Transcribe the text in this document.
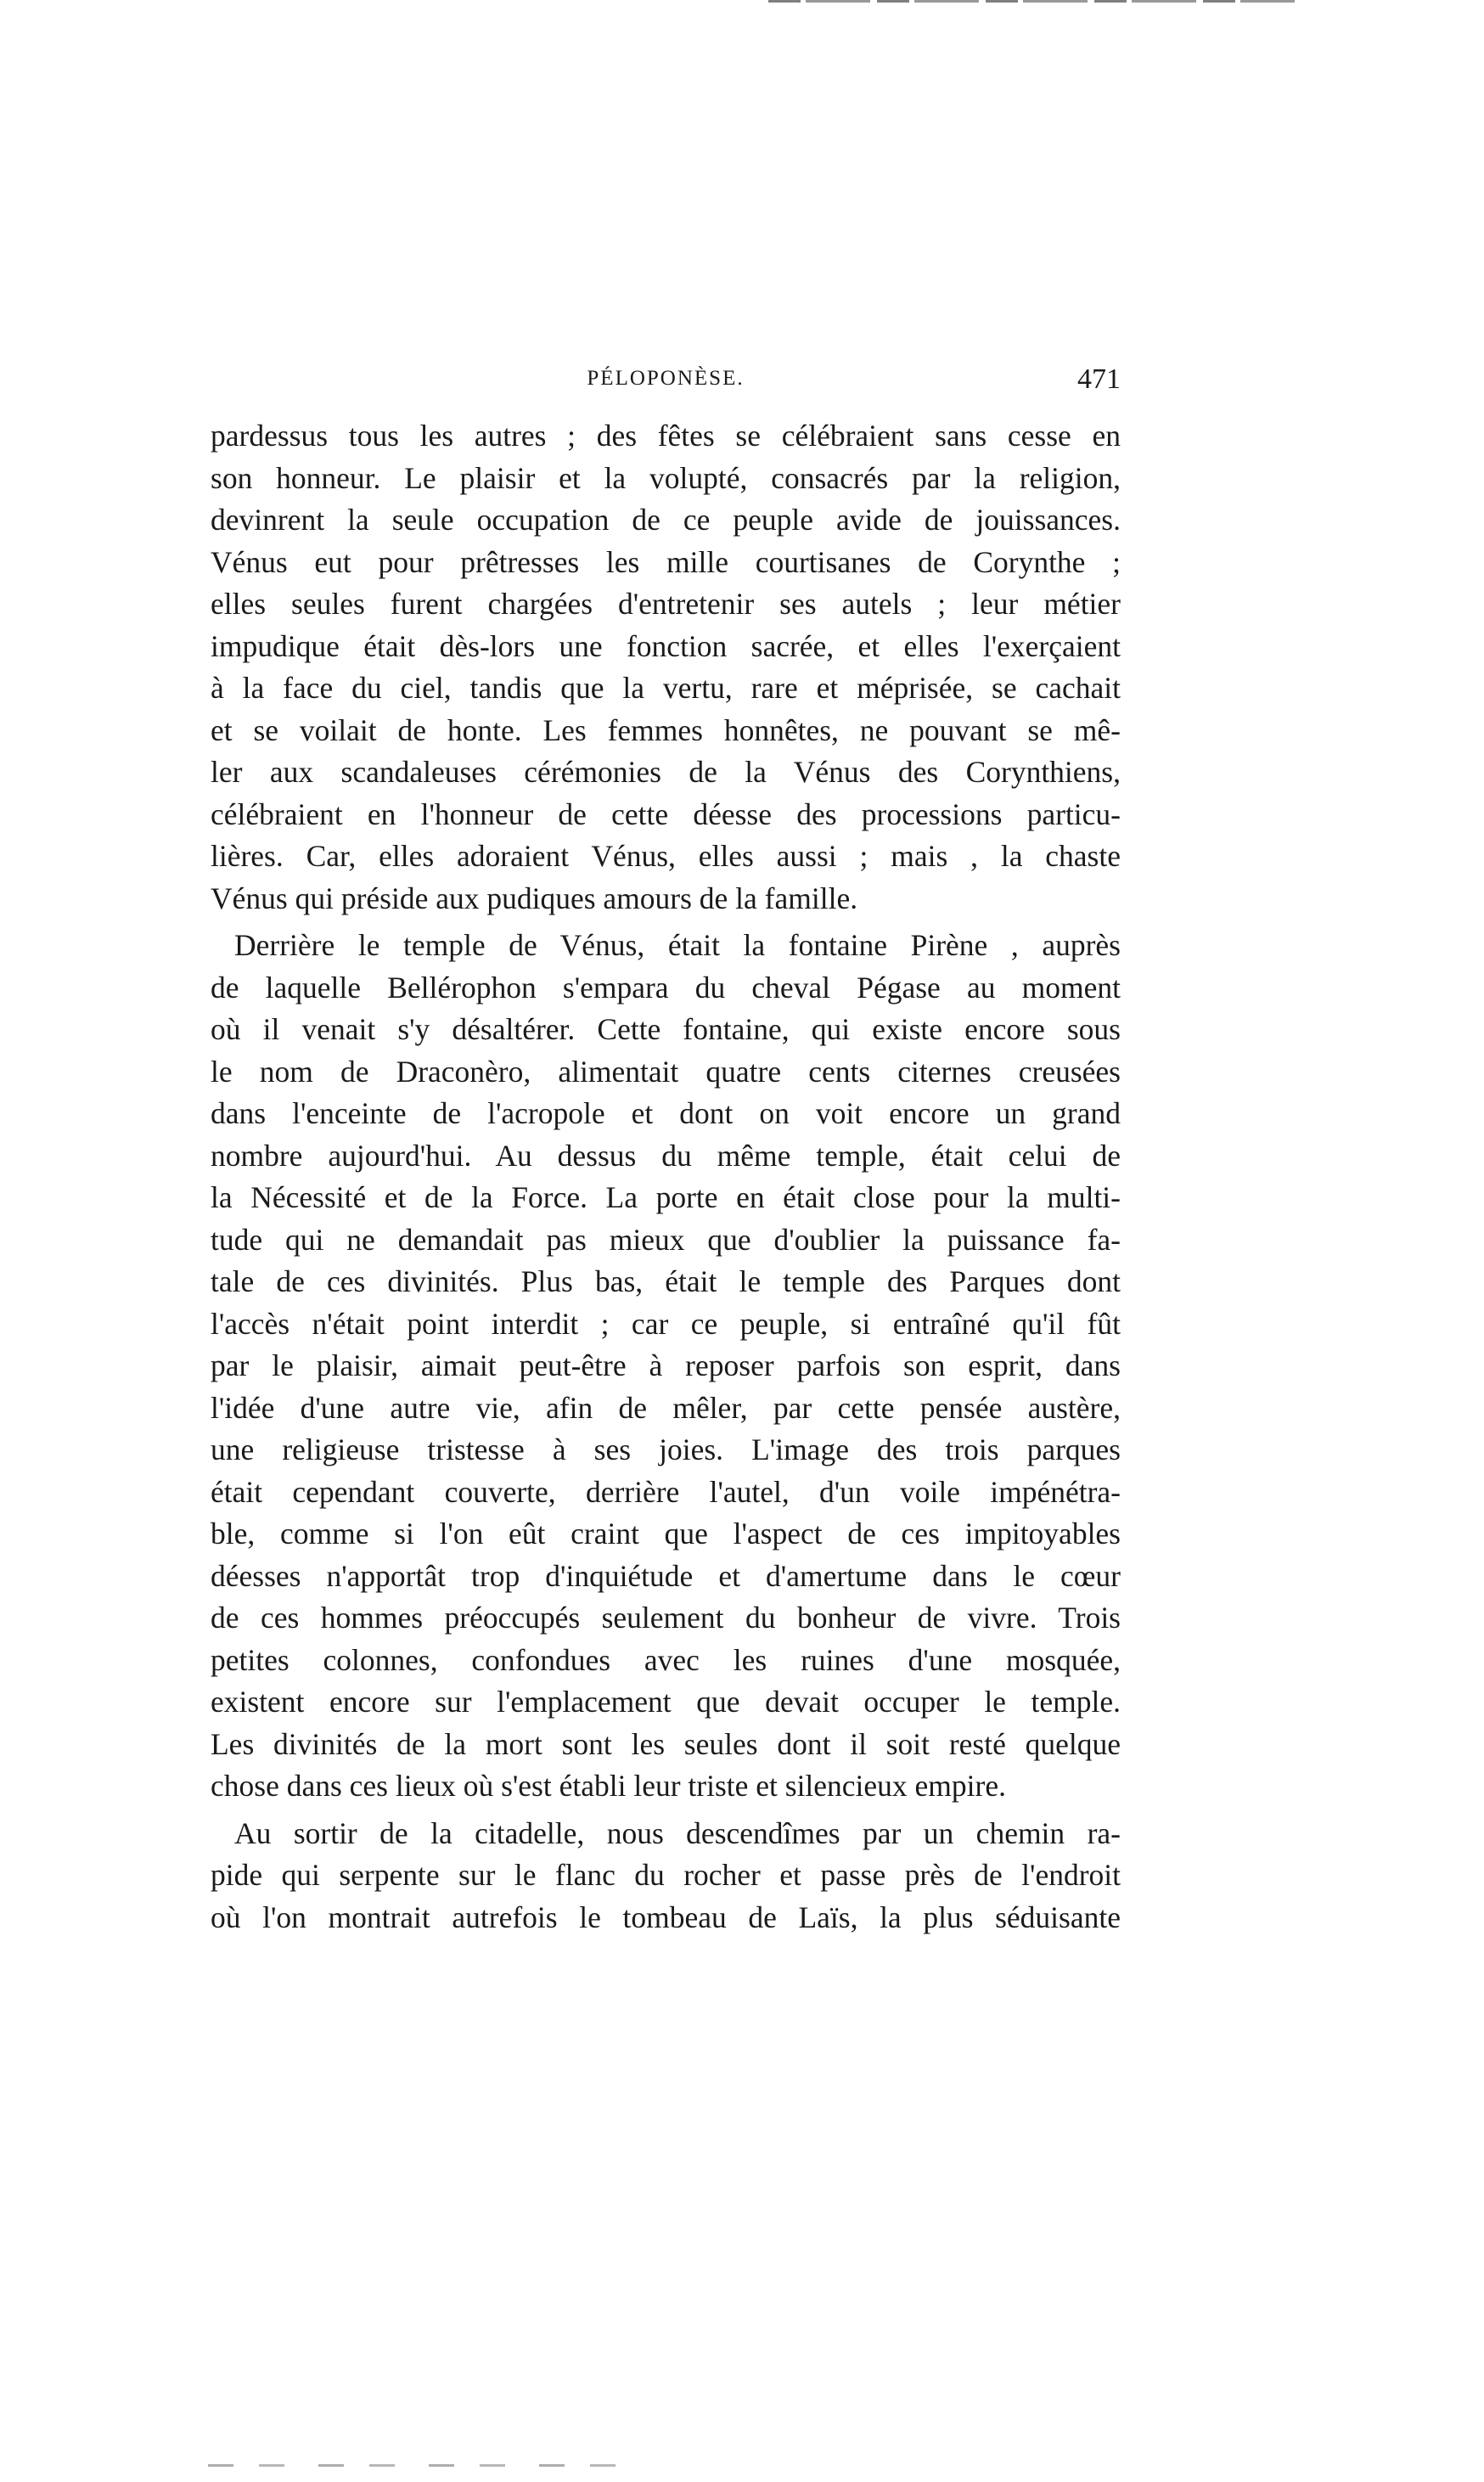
PÉLOPONÈSE.	471
pardessus tous les autres ; des fêtes se célébraient sans cesse en
son honneur. Le plaisir et la volupté, consacrés par la religion,
devinrent la seule occupation de ce peuple avide de jouissances.
Vénus eut pour prêtresses les mille courtisanes de Corynthe ;
elles seules furent chargées d'entretenir ses autels ; leur métier
impudique était dès-lors une fonction sacrée, et elles l'exerçaient
à la face du ciel, tandis que la vertu, rare et méprisée, se cachait
et se voilait de honte. Les femmes honnêtes, ne pouvant se mê-
ler aux scandaleuses cérémonies de la Vénus des Corynthiens,
célébraient en l'honneur de cette déesse des processions particu-
lières. Car, elles adoraient Vénus, elles aussi ; mais , la chaste
Vénus qui préside aux pudiques amours de la famille.
Derrière le temple de Vénus, était la fontaine Pirène , auprès
de laquelle Bellérophon s'empara du cheval Pégase au moment
où il venait s'y désaltérer. Cette fontaine, qui existe encore sous
le nom de Draconèro, alimentait quatre cents citernes creusées
dans l'enceinte de l'acropole et dont on voit encore un grand
nombre aujourd'hui. Au dessus du même temple, était celui de
la Nécessité et de la Force. La porte en était close pour la multi-
tude qui ne demandait pas mieux que d'oublier la puissance fa-
tale de ces divinités. Plus bas, était le temple des Parques dont
l'accès n'était point interdit ; car ce peuple, si entraîné qu'il fût
par le plaisir, aimait peut-être à reposer parfois son esprit, dans
l'idée d'une autre vie, afin de mêler, par cette pensée austère,
une religieuse tristesse à ses joies. L'image des trois parques
était cependant couverte, derrière l'autel, d'un voile impénétra-
ble, comme si l'on eût craint que l'aspect de ces impitoyables
déesses n'apportât trop d'inquiétude et d'amertume dans le cœur
de ces hommes préoccupés seulement du bonheur de vivre. Trois
petites colonnes, confondues avec les ruines d'une mosquée,
existent encore sur l'emplacement que devait occuper le temple.
Les divinités de la mort sont les seules dont il soit resté quelque
chose dans ces lieux où s'est établi leur triste et silencieux empire.
Au sortir de la citadelle, nous descendîmes par un chemin ra-
pide qui serpente sur le flanc du rocher et passe près de l'endroit
où l'on montrait autrefois le tombeau de Laïs, la plus séduisante
